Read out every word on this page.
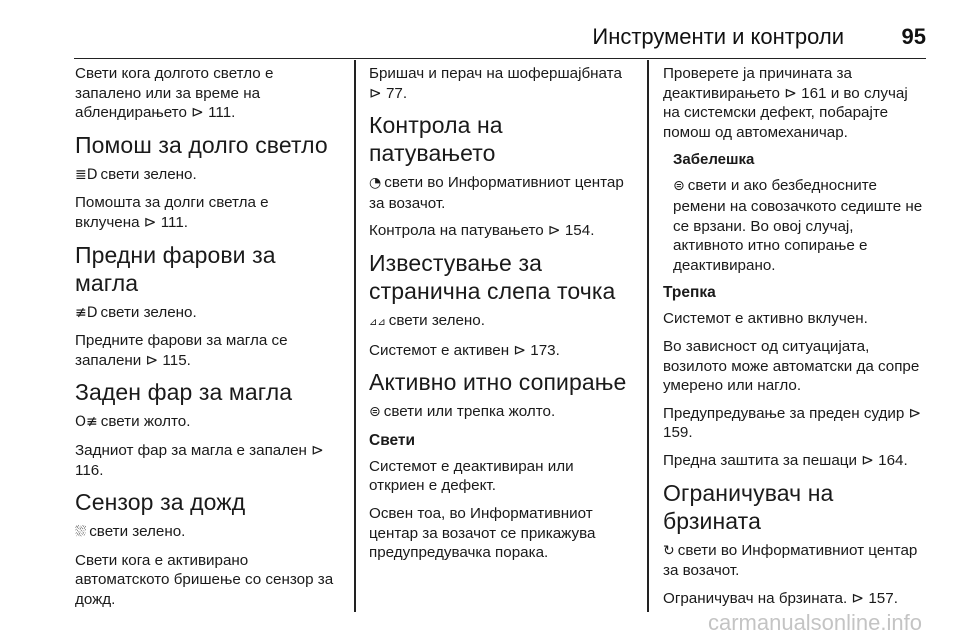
Инструменти и контроли	95

Свети кога долгото светло е запалено или за време на аблендирањето ⊳ 111.

Помош за долго светло

≣D свети зелено.

Помошта за долги светла е вклучена ⊳ 111.

Предни фарови за магла

≢D свети зелено.

Предните фарови за магла се запалени ⊳ 115.

Заден фар за магла

O≢ свети жолто.

Задниот фар за магла е запален ⊳ 116.

Сензор за дожд

⛆ свети зелено.

Свети кога е активирано автоматското бришење со сензор за дожд.

Бришач и перач на шофершајбната ⊳ 77.

Контрола на патувањето

◔ свети во Информативниот центар за возачот.

Контрола на патувањето ⊳ 154.

Известување за странична слепа точка

⊿⊿ свети зелено.

Системот е активен ⊳ 173.

Активно итно сопирање

⊜ свети или трепка жолто.

Свети

Системот е деактивиран или откриен е дефект.

Освен тоа, во Информативниот центар за возачот се прикажува предупредувачка порака.

Проверете ја причината за деактивирањето ⊳ 161 и во случај на системски дефект, побарајте помош од автомеханичар.

Забелешка

⊜ свети и ако безбедносните ремени на совозачкото седиште не се врзани. Во овој случај, активното итно сопирање е деактивирано.

Трепка

Системот е активно вклучен.

Во зависност од ситуацијата, возилото може автоматски да сопре умерено или нагло.

Предупредување за преден судир ⊳ 159.

Предна заштита за пешаци ⊳ 164.

Ограничувач на брзината

↻ свети во Информативниот центар за возачот.

Ограничувач на брзината. ⊳ 157.

carmanualsonline.info
